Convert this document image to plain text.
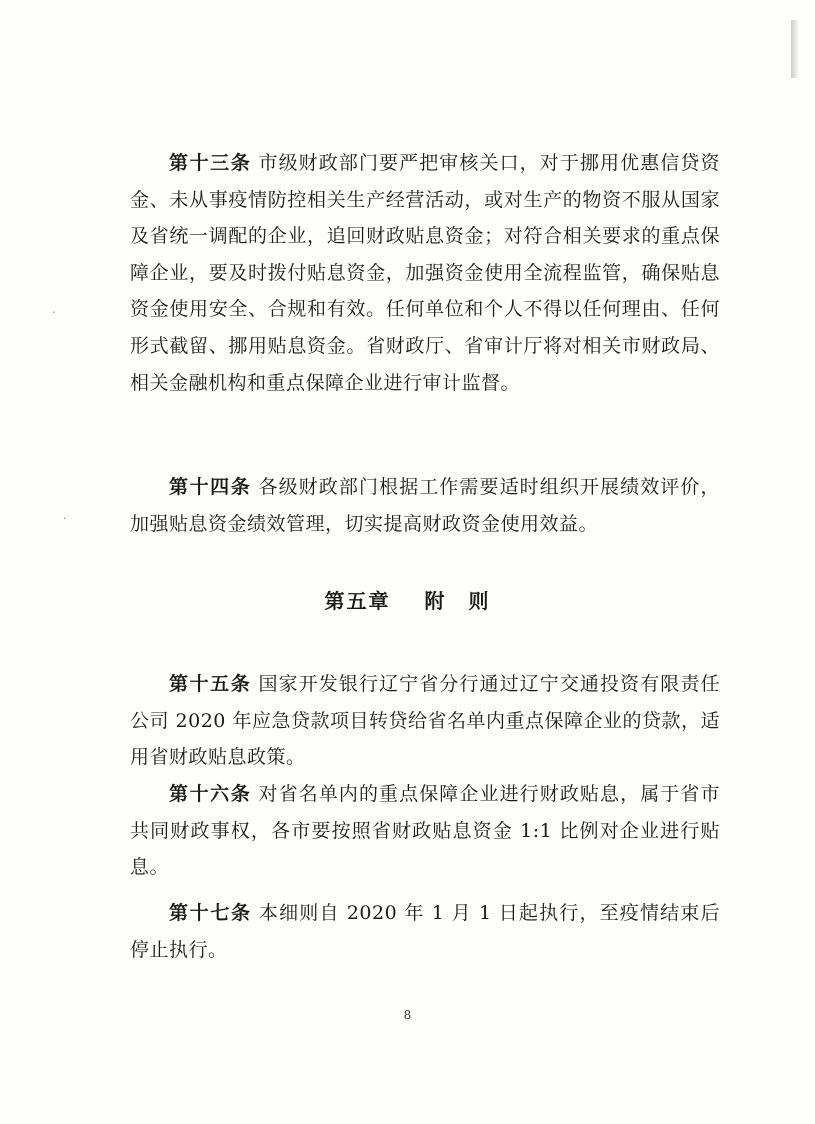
·
·

第十三条 市级财政部门要严把审核关口，对于挪用优惠信贷资金、未从事疫情防控相关生产经营活动，或对生产的物资不服从国家及省统一调配的企业，追回财政贴息资金；对符合相关要求的重点保障企业，要及时拨付贴息资金，加强资金使用全流程监管，确保贴息资金使用安全、合规和有效。任何单位和个人不得以任何理由、任何形式截留、挪用贴息资金。省财政厅、省审计厅将对相关市财政局、相关金融机构和重点保障企业进行审计监督。

第十四条 各级财政部门根据工作需要适时组织开展绩效评价，加强贴息资金绩效管理，切实提高财政资金使用效益。

第五章 附　则

第十五条 国家开发银行辽宁省分行通过辽宁交通投资有限责任公司 2020 年应急贷款项目转贷给省名单内重点保障企业的贷款，适用省财政贴息政策。

第十六条 对省名单内的重点保障企业进行财政贴息，属于省市共同财政事权，各市要按照省财政贴息资金 1:1 比例对企业进行贴息。

第十七条 本细则自 2020 年 1 月 1 日起执行，至疫情结束后停止执行。

8
